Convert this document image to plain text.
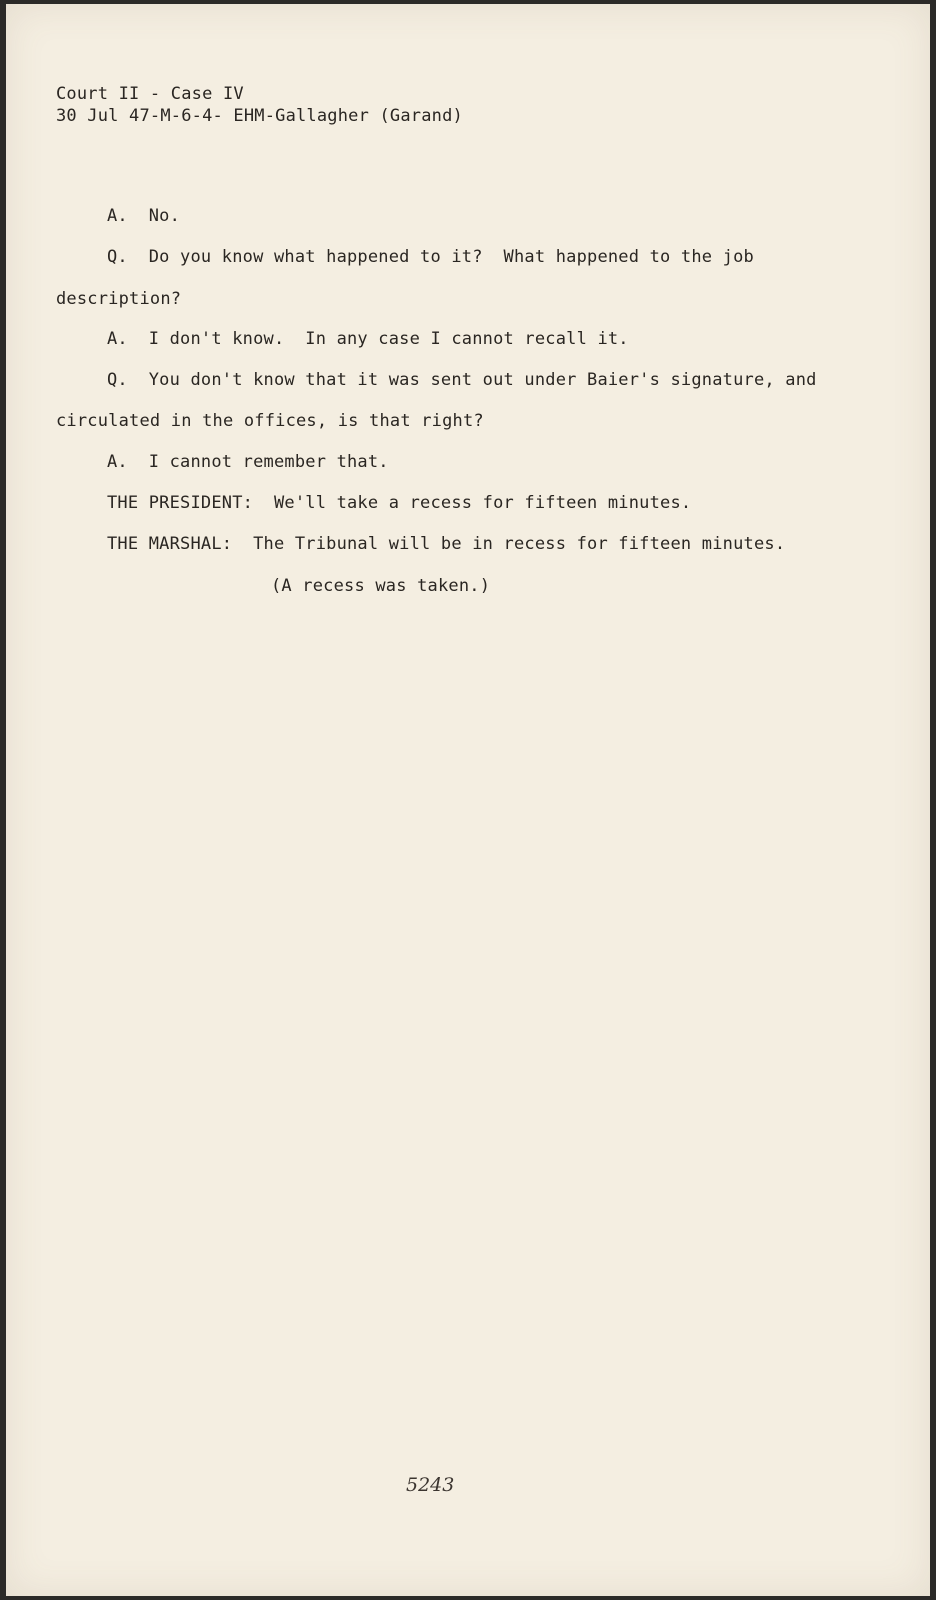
Court II - Case IV
30 Jul 47-M-6-4- EHM-Gallagher (Garand)
A.  No.
Q.  Do you know what happened to it?  What happened to the job
description?
A.  I don't know.  In any case I cannot recall it.
Q.  You don't know that it was sent out under Baier's signature, and
circulated in the offices, is that right?
A.  I cannot remember that.
THE PRESIDENT:  We'll take a recess for fifteen minutes.
THE MARSHAL:  The Tribunal will be in recess for fifteen minutes.
(A recess was taken.)
5243
